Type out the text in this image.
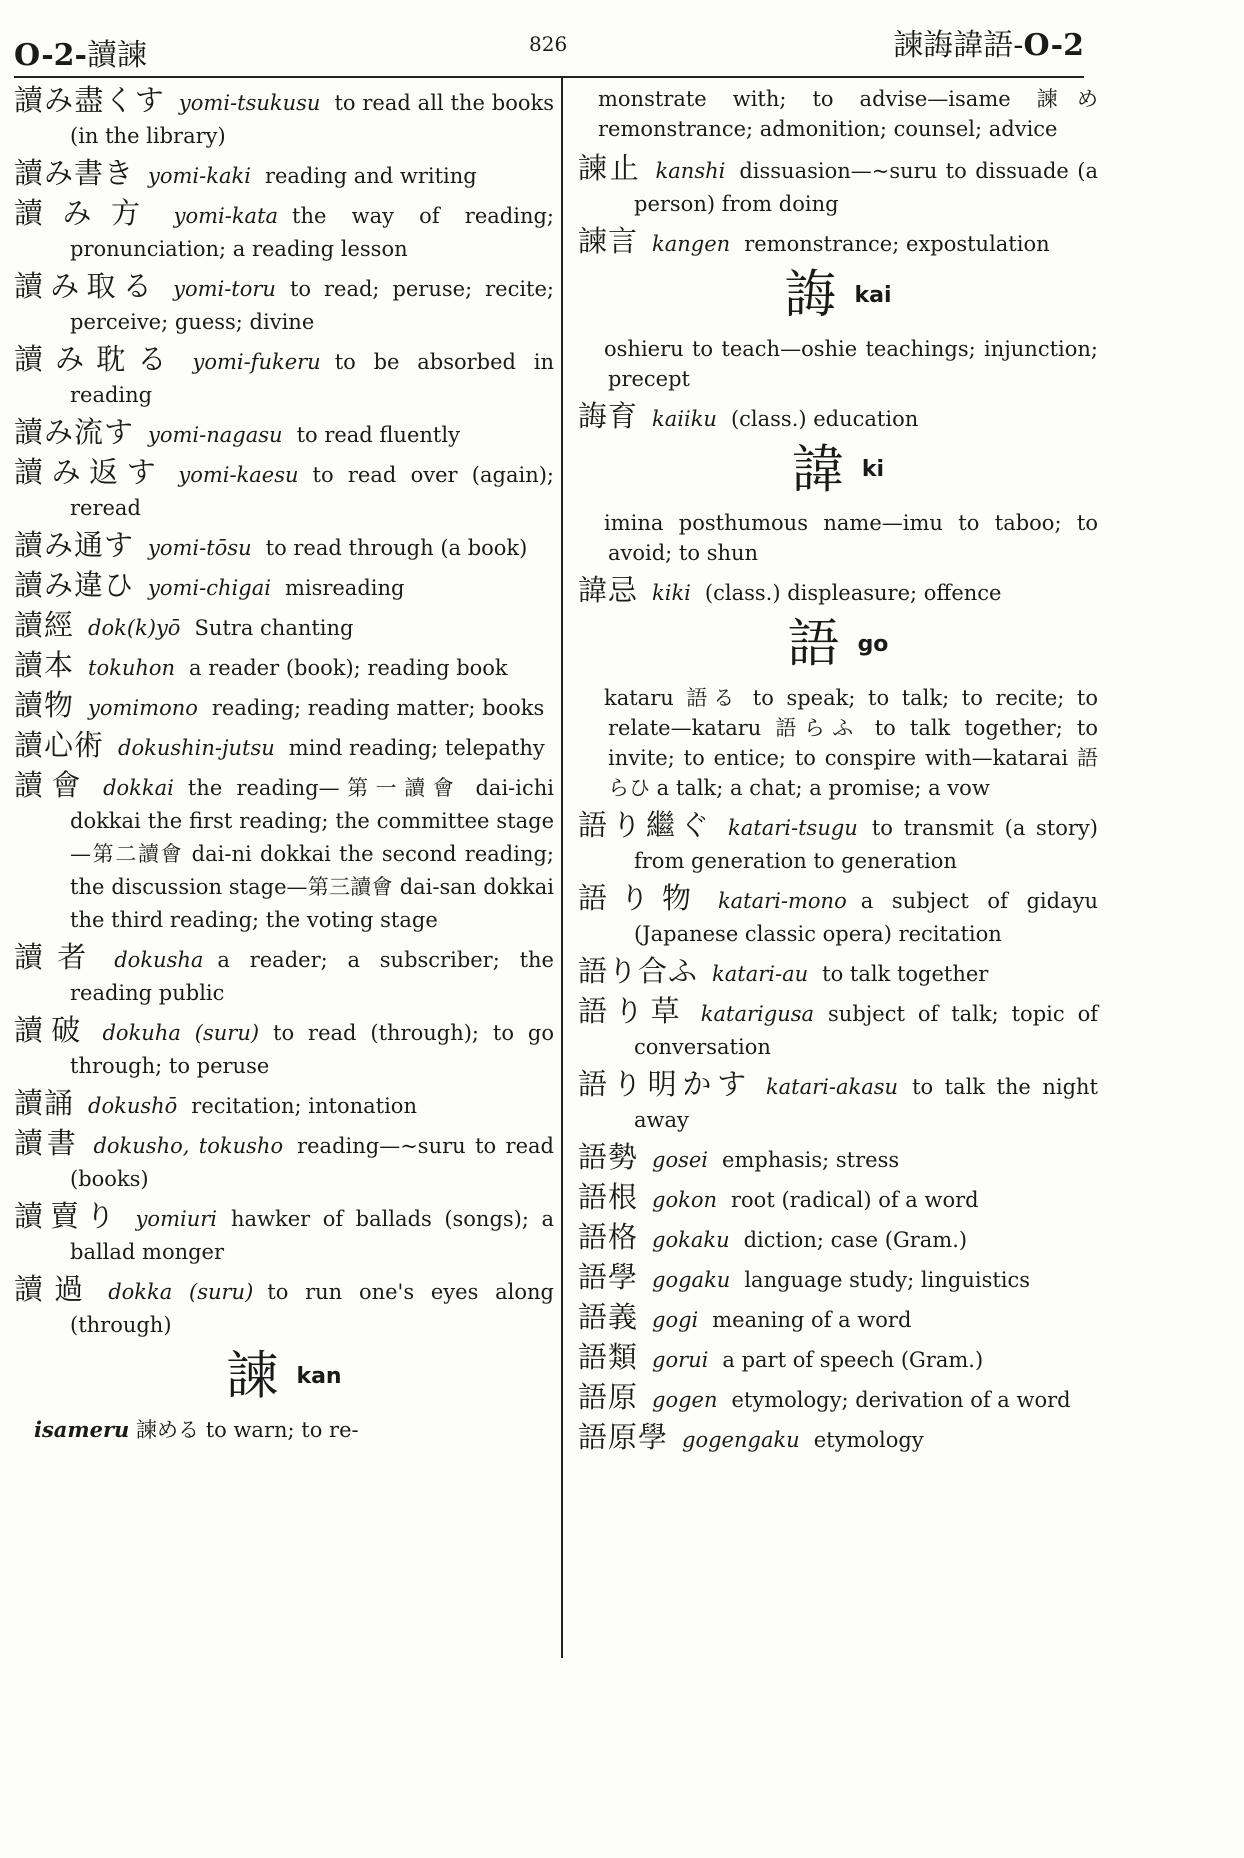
O-2-讀諫	826	諫誨諱語-O-2
讀み盡くす yomi-tsukusu to read all the books (in the library)
讀み書き yomi-kaki reading and writing
讀み方 yomi-kata the way of reading; pronunciation; a reading lesson
讀み取る yomi-toru to read; peruse; recite; perceive; guess; divine
讀み耽る yomi-fukeru to be absorbed in reading
讀み流す yomi-nagasu to read fluently
讀み返す yomi-kaesu to read over (again); reread
讀み通す yomi-tōsu to read through (a book)
讀み違ひ yomi-chigai misreading
讀經 dok(k)yō Sutra chanting
讀本 tokuhon a reader (book); reading book
讀物 yomimono reading; reading matter; books
讀心術 dokushin-jutsu mind reading; telepathy
讀會 dokkai the reading—第一讀會 dai-ichi dokkai the first reading; the committee stage—第二讀會 dai-ni dokkai the second reading; the discussion stage—第三讀會 dai-san dokkai the third reading; the voting stage
讀者 dokusha a reader; a subscriber; the reading public
讀破 dokuha (suru) to read (through); to go through; to peruse
讀誦 dokushō recitation; intonation
讀書 dokusho, tokusho reading—~suru to read (books)
讀賣り yomiuri hawker of ballads (songs); a ballad monger
讀過 dokka (suru) to run one's eyes along (through)
諫kan
isameru 諫める to warn; to re-
monstrate with; to advise—isame 諫め remonstrance; admonition; counsel; advice
諫止 kanshi dissuasion—~suru to dissuade (a person) from doing
諫言 kangen remonstrance; expostulation
誨kai
oshieru to teach—oshie teachings; injunction; precept
誨育 kaiiku (class.) education
諱ki
imina posthumous name—imu to taboo; to avoid; to shun
諱忌 kiki (class.) displeasure; offence
語go
kataru 語る to speak; to talk; to recite; to relate—kataru 語らふ to talk together; to invite; to entice; to conspire with—katarai 語らひ a talk; a chat; a promise; a vow
語り繼ぐ katari-tsugu to transmit (a story) from generation to generation
語り物 katari-mono a subject of gidayu (Japanese classic opera) recitation
語り合ふ katari-au to talk together
語り草 katarigusa subject of talk; topic of conversation
語り明かす katari-akasu to talk the night away
語勢 gosei emphasis; stress
語根 gokon root (radical) of a word
語格 gokaku diction; case (Gram.)
語學 gogaku language study; linguistics
語義 gogi meaning of a word
語類 gorui a part of speech (Gram.)
語原 gogen etymology; derivation of a word
語原學 gogengaku etymology
